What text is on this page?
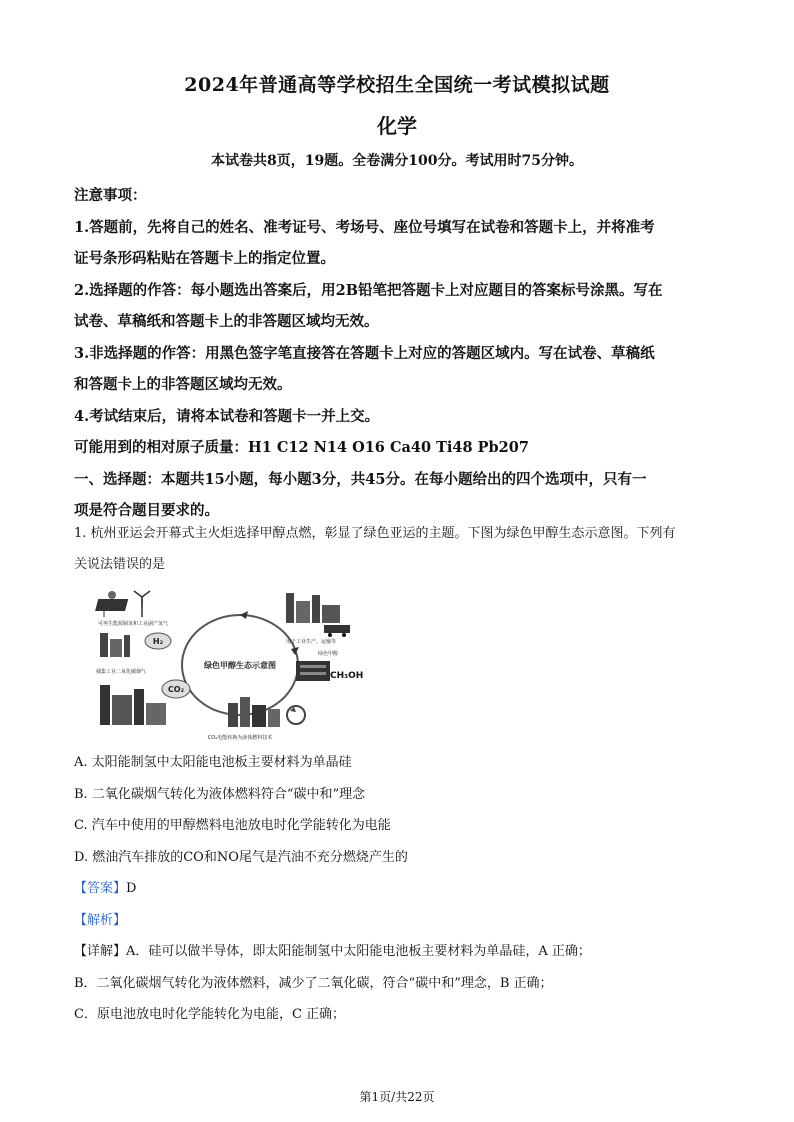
2024年普通高等学校招生全国统一考试模拟试题
化学
本试卷共8页，19题。全卷满分100分。考试用时75分钟。

注意事项：

1.答题前，先将自己的姓名、准考证号、考场号、座位号填写在试卷和答题卡上，并将准考

证号条形码粘贴在答题卡上的指定位置。

2.选择题的作答：每小题选出答案后，用2B铅笔把答题卡上对应题目的答案标号涂黑。写在

试卷、草稿纸和答题卡上的非答题区域均无效。

3.非选择题的作答：用黑色签字笔直接答在答题卡上对应的答题区域内。写在试卷、草稿纸

和答题卡上的非答题区域均无效。

4.考试结束后，请将本试卷和答题卡一并上交。

可能用到的相对原子质量：H1 C12 N14 O16 Ca40 Ti48 Pb207

一、选择题：本题共15小题，每小题3分，共45分。在每小题给出的四个选项中，只有一

项是符合题目要求的。

1. 杭州亚运会开幕式主火炬选择甲醇点燃，彰显了绿色亚运的主题。下图为绿色甲醇生态示意图。下列有

关说法错误的是

绿色甲醇生态示意图
可再生能源制氢和工业副产氢气
H₂
捕集工业二氧化碳烟气
CO₂
用于工业生产、运输等
绿色甲醇
CH₃OH
CO₂电能转换为液体燃料技术

A. 太阳能制氢中太阳能电池板主要材料为单晶硅

B. 二氧化碳烟气转化为液体燃料符合“碳中和”理念

C. 汽车中使用的甲醇燃料电池放电时化学能转化为电能

D. 燃油汽车排放的CO和NO尾气是汽油不充分燃烧产生的

【答案】D

【解析】

【详解】A．硅可以做半导体，即太阳能制氢中太阳能电池板主要材料为单晶硅，A 正确；

B．二氧化碳烟气转化为液体燃料，减少了二氧化碳，符合“碳中和”理念，B 正确；

C．原电池放电时化学能转化为电能，C 正确；

第1页/共22页
